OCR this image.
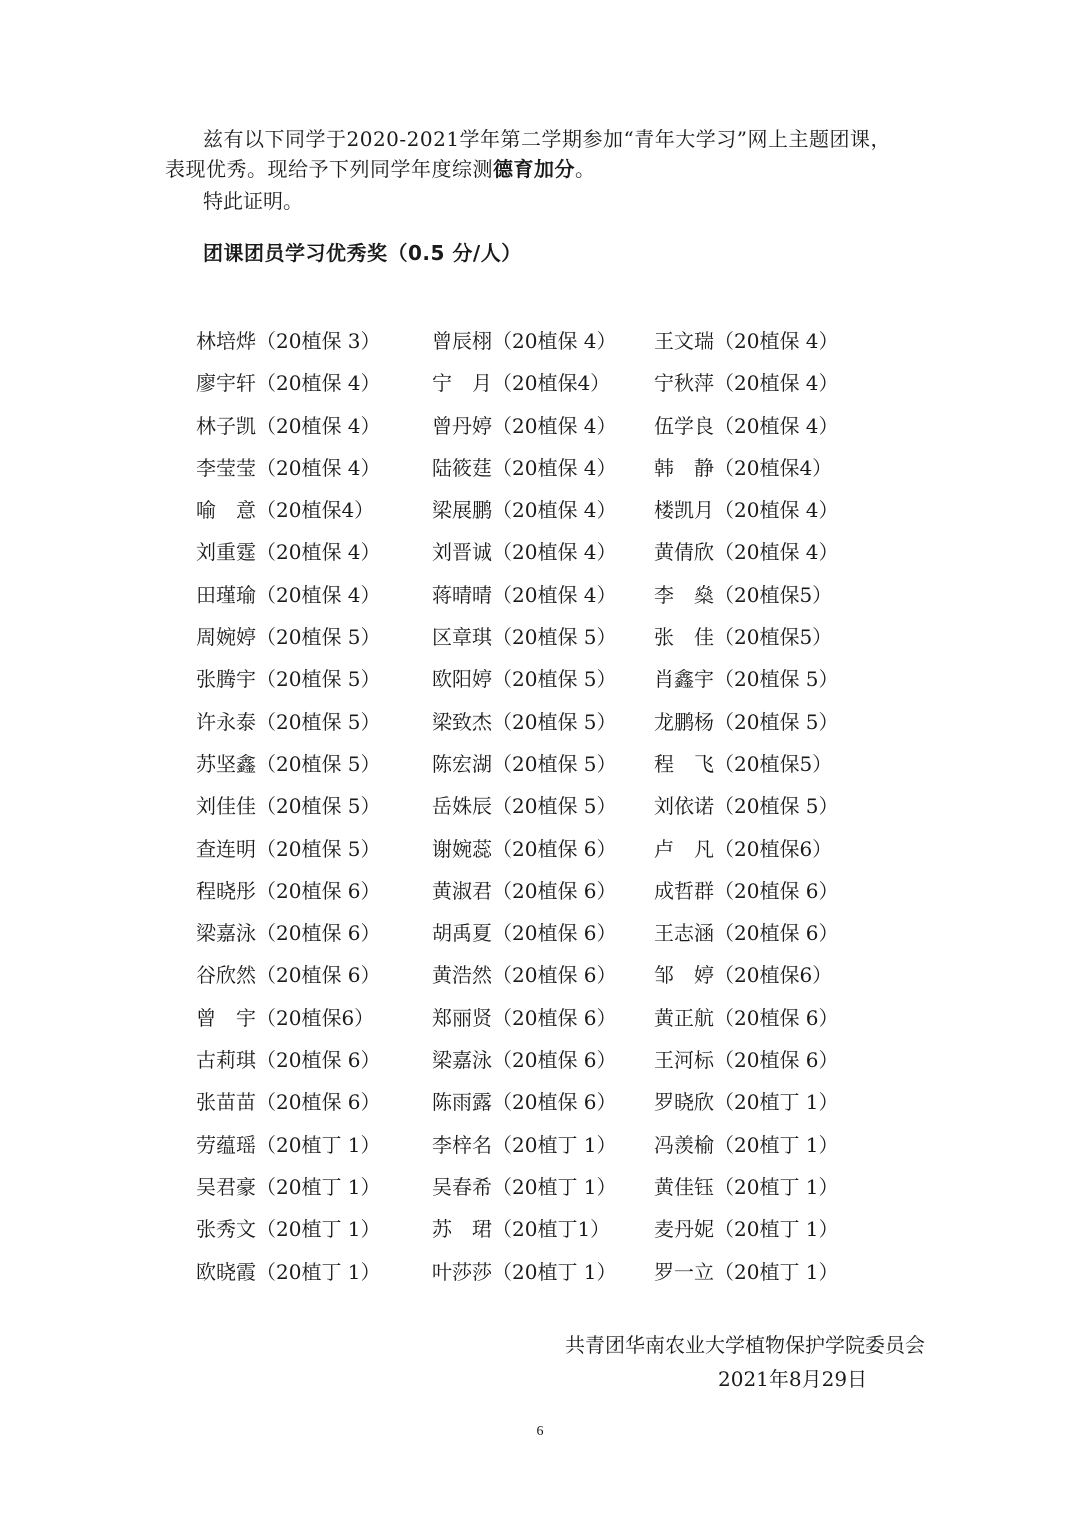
兹有以下同学于2020-2021学年第二学期参加“青年大学习”网上主题团课，表现优秀。现给予下列同学年度综测德育加分。
特此证明。
团课团员学习优秀奖（0.5 分/人）
林培烨（20植保 3）	曾辰栩（20植保 4）	王文瑞（20植保 4）
廖宇轩（20植保 4）	宁　月（20植保4）	宁秋萍（20植保 4）
林子凯（20植保 4）	曾丹婷（20植保 4）	伍学良（20植保 4）
李莹莹（20植保 4）	陆筱莛（20植保 4）	韩　静（20植保4）
喻　意（20植保4）	梁展鹏（20植保 4）	楼凯月（20植保 4）
刘重霆（20植保 4）	刘晋诚（20植保 4）	黄倩欣（20植保 4）
田瑾瑜（20植保 4）	蒋晴晴（20植保 4）	李　燊（20植保5）
周婉婷（20植保 5）	区章琪（20植保 5）	张　佳（20植保5）
张腾宇（20植保 5）	欧阳婷（20植保 5）	肖鑫宇（20植保 5）
许永泰（20植保 5）	梁致杰（20植保 5）	龙鹏杨（20植保 5）
苏坚鑫（20植保 5）	陈宏湖（20植保 5）	程　飞（20植保5）
刘佳佳（20植保 5）	岳姝辰（20植保 5）	刘依诺（20植保 5）
查连明（20植保 5）	谢婉蕊（20植保 6）	卢　凡（20植保6）
程晓彤（20植保 6）	黄淑君（20植保 6）	成哲群（20植保 6）
梁嘉泳（20植保 6）	胡禹夏（20植保 6）	王志涵（20植保 6）
谷欣然（20植保 6）	黄浩然（20植保 6）	邹　婷（20植保6）
曾　宇（20植保6）	郑丽贤（20植保 6）	黄正航（20植保 6）
古莉琪（20植保 6）	梁嘉泳（20植保 6）	王河标（20植保 6）
张苗苗（20植保 6）	陈雨露（20植保 6）	罗晓欣（20植丁 1）
劳蕴瑶（20植丁 1）	李梓名（20植丁 1）	冯羡榆（20植丁 1）
吴君豪（20植丁 1）	吴春希（20植丁 1）	黄佳钰（20植丁 1）
张秀文（20植丁 1）	苏　珺（20植丁1）	麦丹妮（20植丁 1）
欧晓霞（20植丁 1）	叶莎莎（20植丁 1）	罗一立（20植丁 1）
共青团华南农业大学植物保护学院委员会
2021年8月29日
6
